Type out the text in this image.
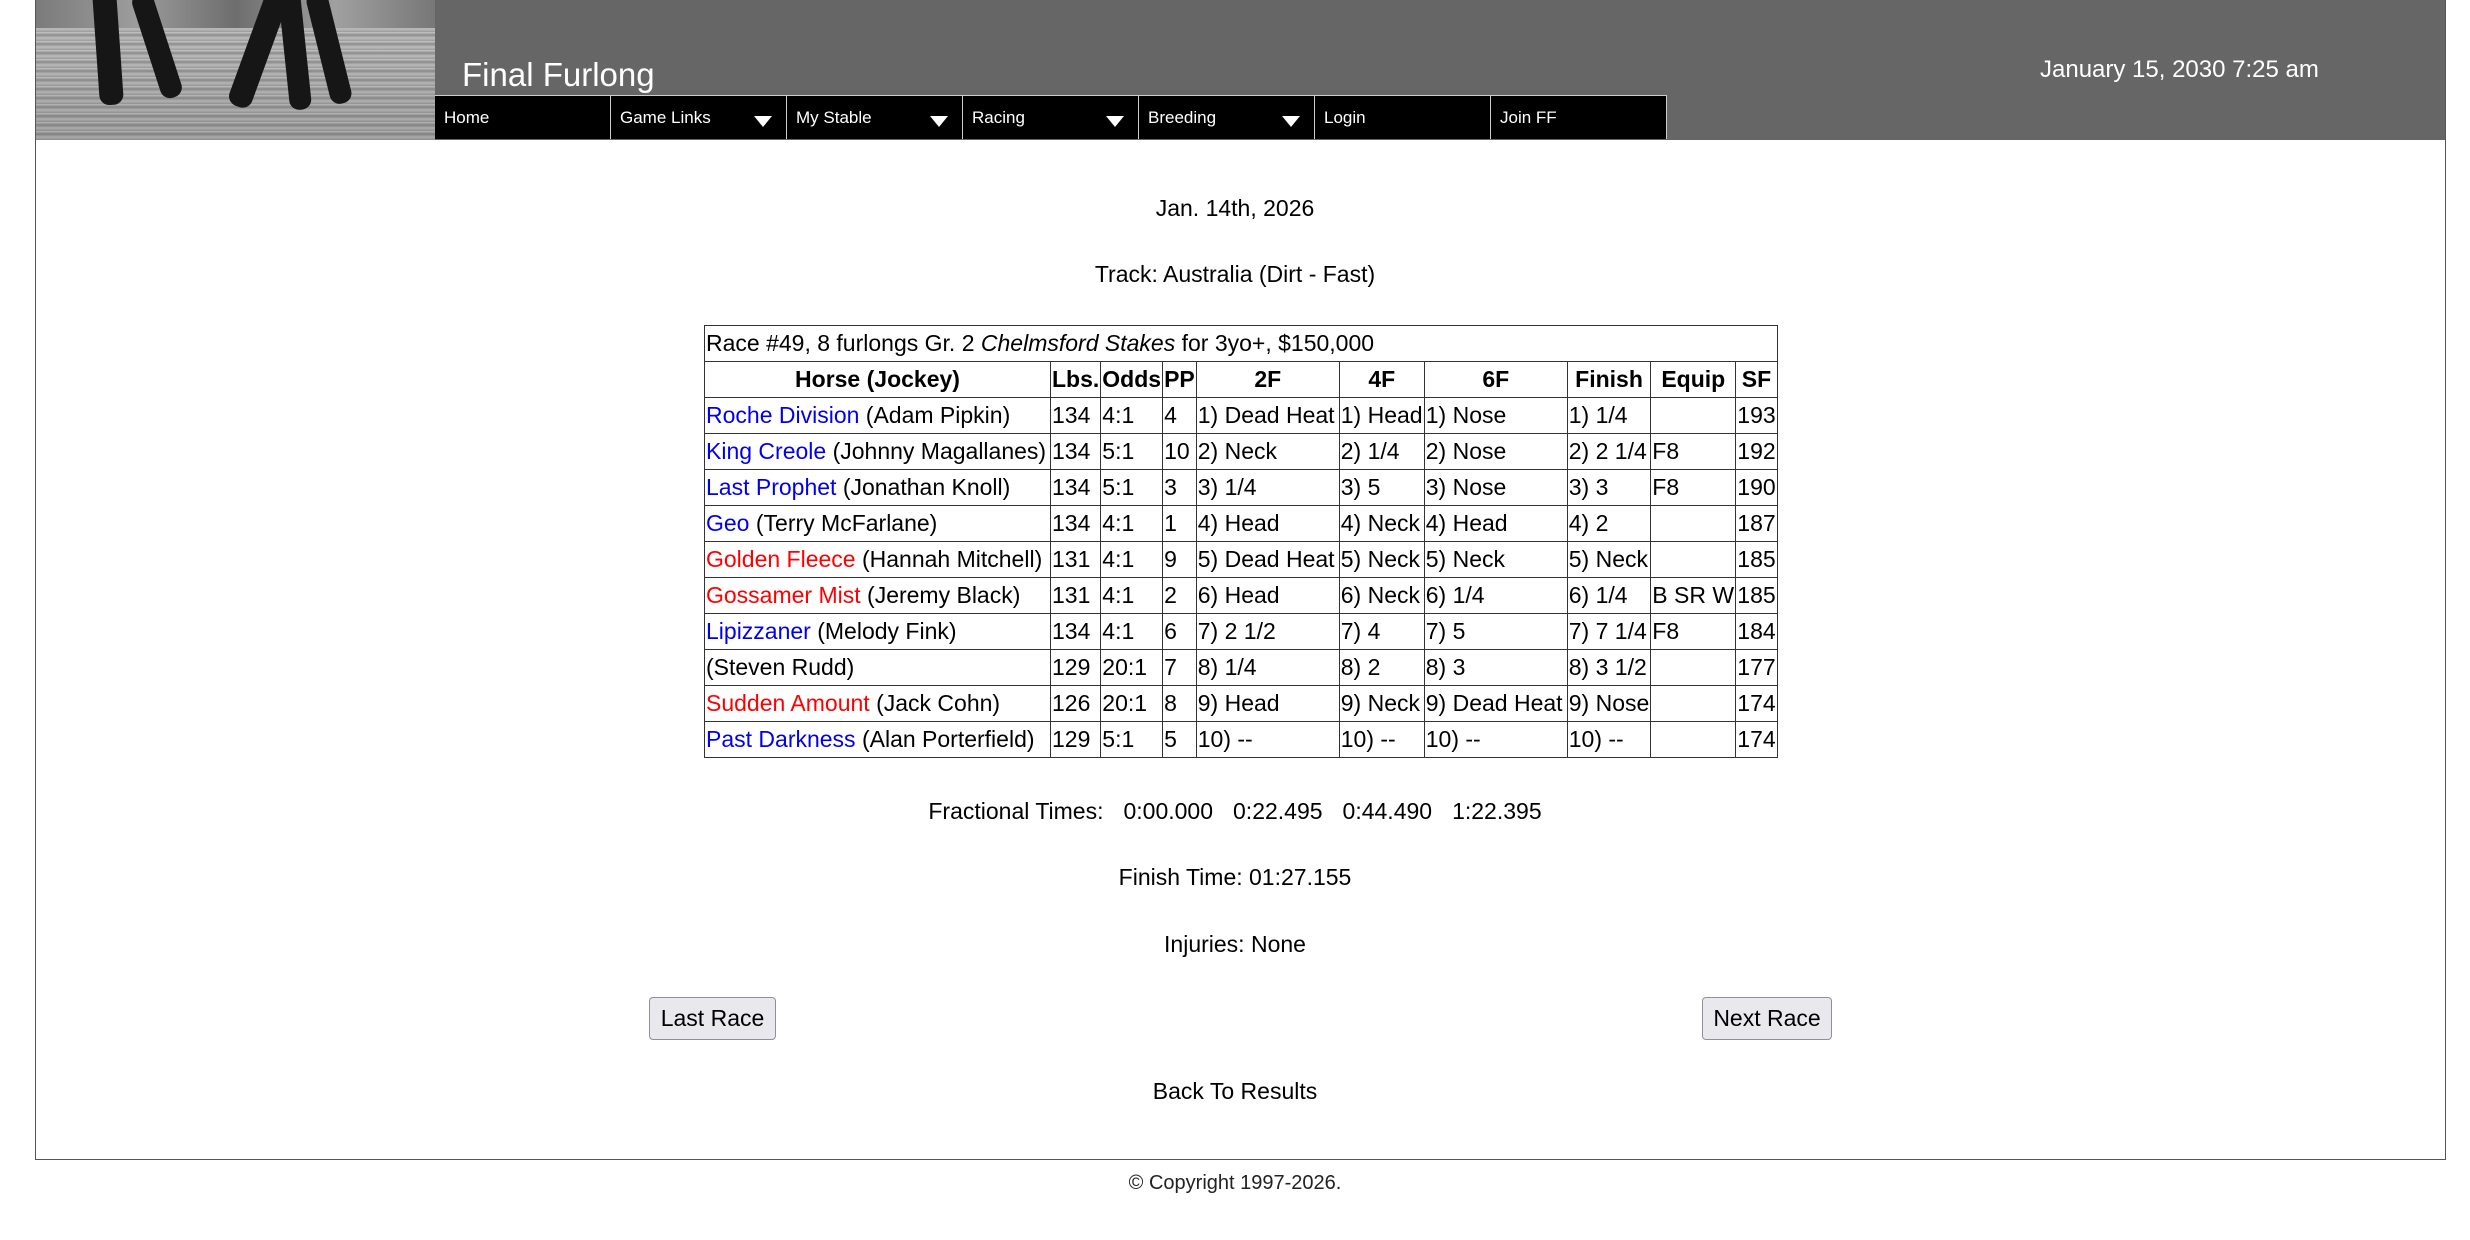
Final Furlong	January 15, 2030 7:25 am
Home	Game Links	My Stable	Racing	Breeding	Login	Join FF
Jan. 14th, 2026
Track: Australia (Dirt - Fast)
Race #49, 8 furlongs Gr. 2 Chelmsford Stakes for 3yo+, $150,000									
Horse (Jockey)	Lbs.	Odds	PP	2F	4F	6F	Finish	Equip	SF
Roche Division (Adam Pipkin)	134	4:1	4	1) Dead Heat	1) Head	1) Nose	1) 1/4		193
King Creole (Johnny Magallanes)	134	5:1	10	2) Neck	2) 1/4	2) Nose	2) 2 1/4	F8	192
Last Prophet (Jonathan Knoll)	134	5:1	3	3) 1/4	3) 5	3) Nose	3) 3	F8	190
Geo (Terry McFarlane)	134	4:1	1	4) Head	4) Neck	4) Head	4) 2		187
Golden Fleece (Hannah Mitchell)	131	4:1	9	5) Dead Heat	5) Neck	5) Neck	5) Neck		185
Gossamer Mist (Jeremy Black)	131	4:1	2	6) Head	6) Neck	6) 1/4	6) 1/4	B SR W	185
Lipizzaner (Melody Fink)	134	4:1	6	7) 2 1/2	7) 4	7) 5	7) 7 1/4	F8	184
(Steven Rudd)	129	20:1	7	8) 1/4	8) 2	8) 3	8) 3 1/2		177
Sudden Amount (Jack Cohn)	126	20:1	8	9) Head	9) Neck	9) Dead Heat	9) Nose		174
Past Darkness (Alan Porterfield)	129	5:1	5	10) --	10) --	10) --	10) --		174
Fractional Times: 0:00.000 0:22.495 0:44.490 1:22.395
Finish Time: 01:27.155
Injuries: None
Last Race	Next Race
Back To Results
© Copyright 1997-2026.
